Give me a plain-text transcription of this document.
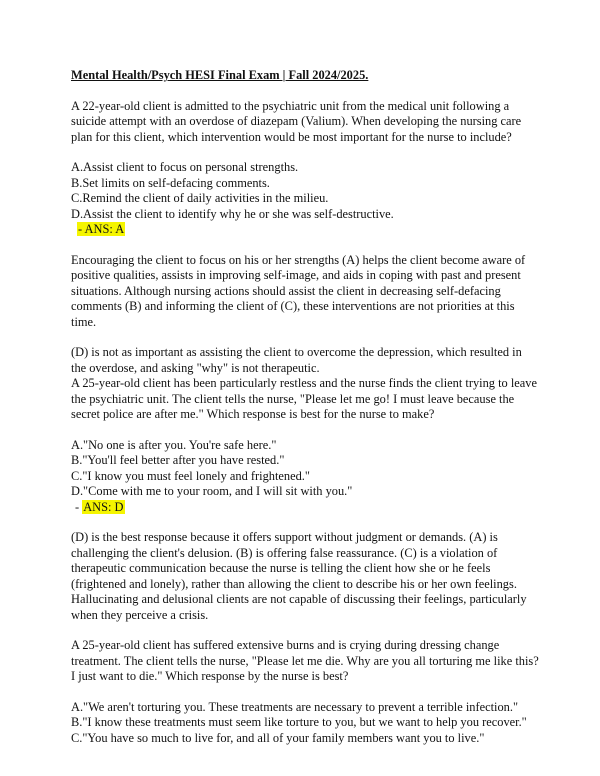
Mental Health/Psych HESI Final Exam | Fall 2024/2025.

A 22-year-old client is admitted to the psychiatric unit from the medical unit following a suicide attempt with an overdose of diazepam (Valium). When developing the nursing care plan for this client, which intervention would be most important for the nurse to include?

A.Assist client to focus on personal strengths.
B.Set limits on self-defacing comments.
C.Remind the client of daily activities in the milieu.
D.Assist the client to identify why he or she was self-destructive.
- ANS: A

Encouraging the client to focus on his or her strengths (A) helps the client become aware of positive qualities, assists in improving self-image, and aids in coping with past and present situations. Although nursing actions should assist the client in decreasing self-defacing comments (B) and informing the client of (C), these interventions are not priorities at this time.

(D) is not as important as assisting the client to overcome the depression, which resulted in the overdose, and asking "why" is not therapeutic.

A 25-year-old client has been particularly restless and the nurse finds the client trying to leave the psychiatric unit. The client tells the nurse, "Please let me go! I must leave because the secret police are after me." Which response is best for the nurse to make?

A."No one is after you. You're safe here."
B."You'll feel better after you have rested."
C."I know you must feel lonely and frightened."
D."Come with me to your room, and I will sit with you."
- ANS: D

(D) is the best response because it offers support without judgment or demands. (A) is challenging the client's delusion. (B) is offering false reassurance. (C) is a violation of therapeutic communication because the nurse is telling the client how she or he feels (frightened and lonely), rather than allowing the client to describe his or her own feelings. Hallucinating and delusional clients are not capable of discussing their feelings, particularly when they perceive a crisis.

A 25-year-old client has suffered extensive burns and is crying during dressing change treatment. The client tells the nurse, "Please let me die. Why are you all torturing me like this? I just want to die." Which response by the nurse is best?

A."We aren't torturing you. These treatments are necessary to prevent a terrible infection."
B."I know these treatments must seem like torture to you, but we want to help you recover."
C."You have so much to live for, and all of your family members want you to live."
